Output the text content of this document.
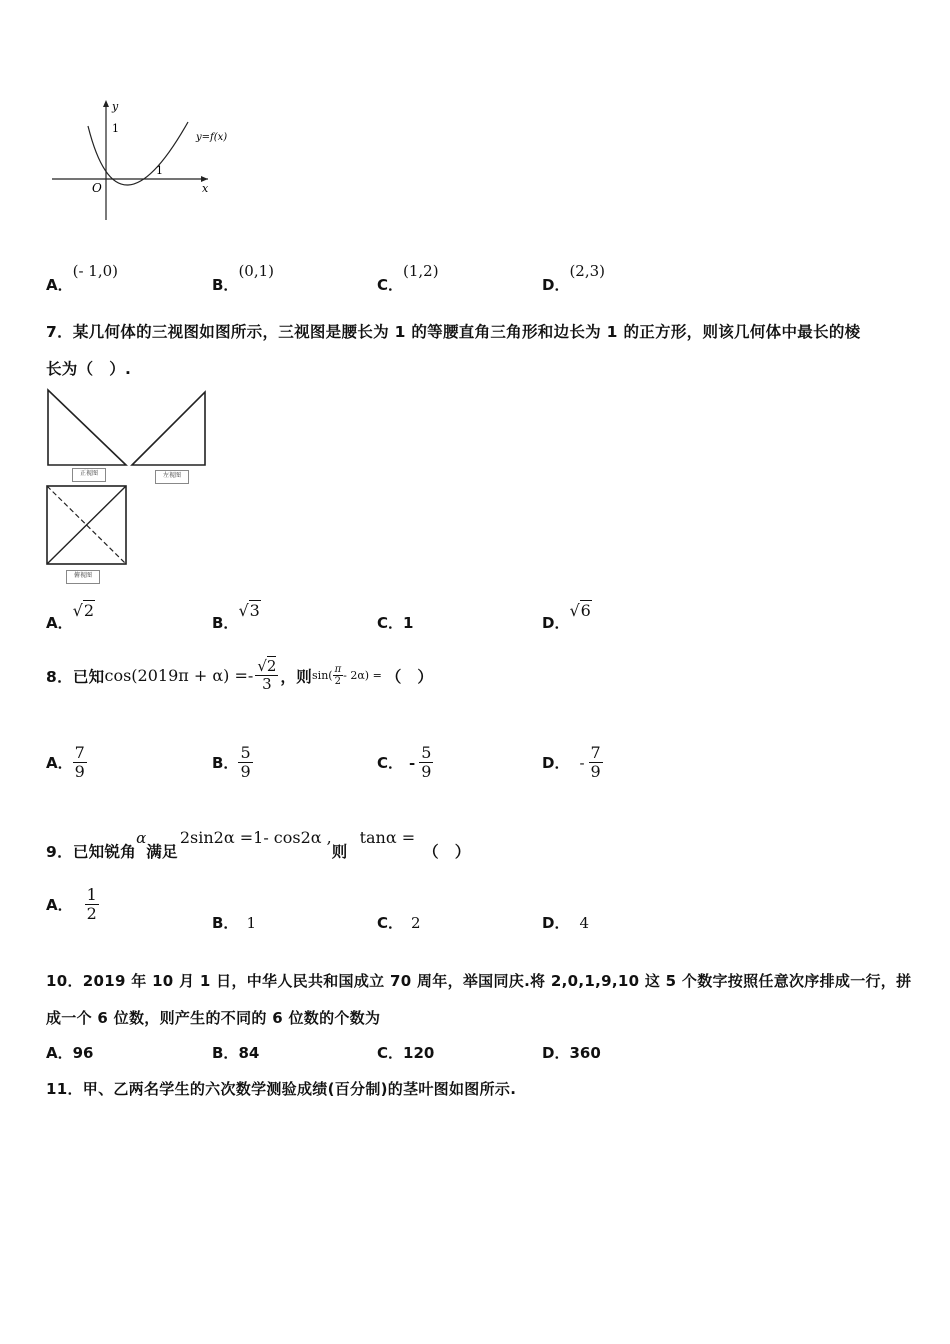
y
x
O
1
1
y=f(x)
A．(- 1,0)
B．(0,1)
C．(1,2)
D．(2,3)
7．某几何体的三视图如图所示，三视图是腰长为 1 的等腰直角三角形和边长为 1 的正方形，则该几何体中最长的棱
长为（　）.
正视图	左视图
俯视图
A．√2
B．√3
C．1	D．√6
8．已知 $\cos(2019\pi + \alpha) =- \frac{√2}{3}$ ，则 $\sin( \frac{\pi}{2} - 2\alpha)$ = （　）
A． $\frac{7}{9}$	B． $\frac{5}{9}$	C． - $\frac{5}{9}$	D． - $\frac{7}{9}$
9．已知锐角α满足2sin2α =1- cos2α ,则tanα =（　）
A． $\frac{1}{2}$	B． 1	C． 2	D． 4
10．2019 年 10 月 1 日，中华人民共和国成立 70 周年，举国同庆.将 2,0,1,9,10 这 5 个数字按照任意次序排成一行，拼
成一个 6 位数，则产生的不同的 6 位数的个数为
A．96	B．84	C．120	D．360
11．甲、乙两名学生的六次数学测验成绩(百分制)的茎叶图如图所示.
